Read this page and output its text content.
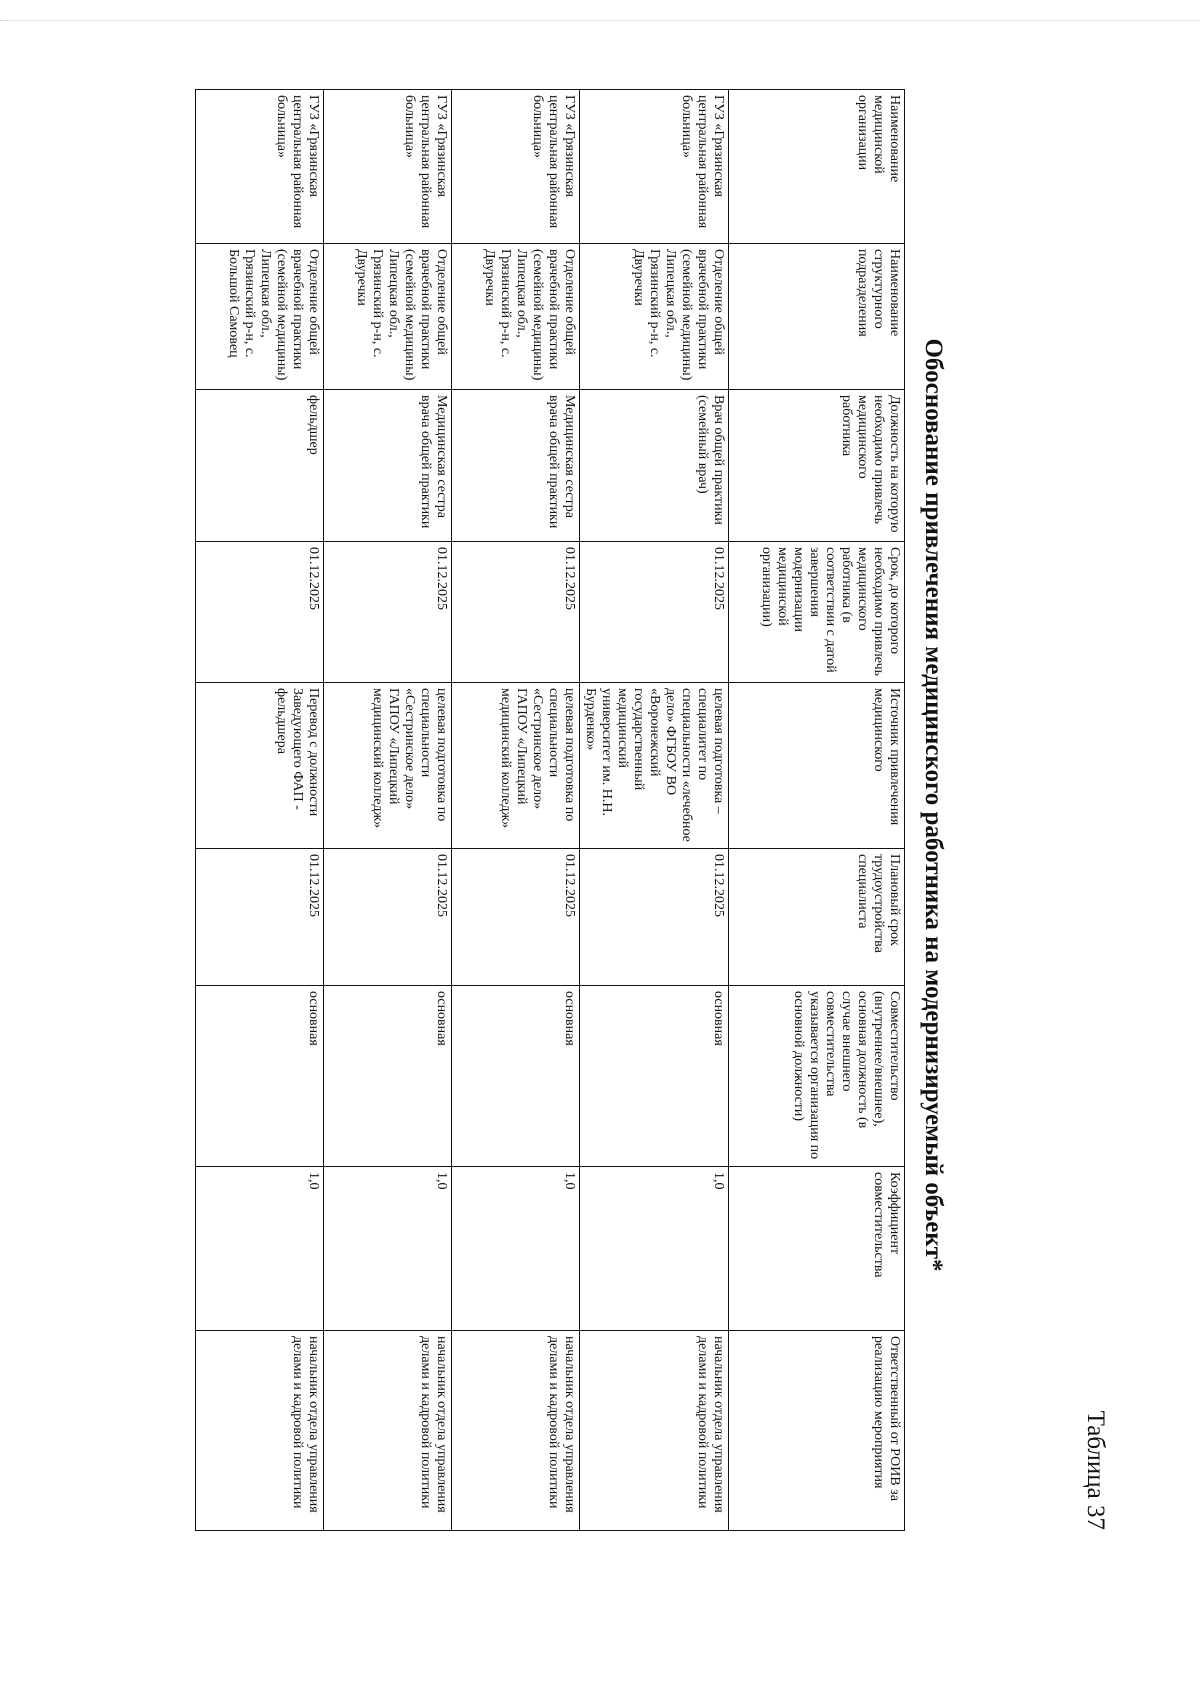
Таблица 37
Обоснование привлечения медицинского работника на модернизируемый объект*
Наименование медицинской организации	Наименование структурного подразделения	Должность на которую необходимо привлечь медицинского работника	Срок, до которого необходимо привлечь медицинского работника (в соответствии с датой завершения модернизации медицинской организации)	Источник привлечения медицинского	Плановый срок трудоустройства специалиста	Совместительство (внутреннее/внешнее), основная должность (в случае внешнего совместительства указывается организация по основной должности)	Коэффициент совместительства	Ответственный от РОИВ за реализацию мероприятия
ГУЗ «Грязинская центральная районная больница»	Отделение общей врачебной практики (семейной медицины) Липецкая обл., Грязинский р-н, с. Двуречки	Врач общей практики (семейный врач)	01.12.2025	целевая подготовка – специалитет по специальности «лечебное дело» ФГБОУ ВО «Воронежский государственный медицинский университет им. Н.Н. Бурденко»	01.12.2025	основная	1,0	начальник отдела управления делами и кадровой политики
ГУЗ «Грязинская центральная районная больница»	Отделение общей врачебной практики (семейной медицины) Липецкая обл., Грязинский р-н, с. Двуречки	Медицинская сестра врача общей практики	01.12.2025	целевая подготовка по специальности «Сестринское дело» ГАПОУ «Липецкий медицинский колледж»	01.12.2025	основная	1,0	начальник отдела управления делами и кадровой политики
ГУЗ «Грязинская центральная районная больница»	Отделение общей врачебной практики (семейной медицины) Липецкая обл., Грязинский р-н, с. Двуречки	Медицинская сестра врача общей практики	01.12.2025	целевая подготовка по специальности «Сестринское дело» ГАПОУ «Липецкий медицинский колледж»	01.12.2025	основная	1,0	начальник отдела управления делами и кадровой политики
ГУЗ «Грязинская центральная районная больница»	Отделение общей врачебной практики (семейной медицины) Липецкая обл., Грязинский р-н, с. Большой Самовец	фельдшер	01.12.2025	Перевод с должности Заведующего ФАП - фельдшера	01.12.2025	основная	1,0	начальник отдела управления делами и кадровой политики
